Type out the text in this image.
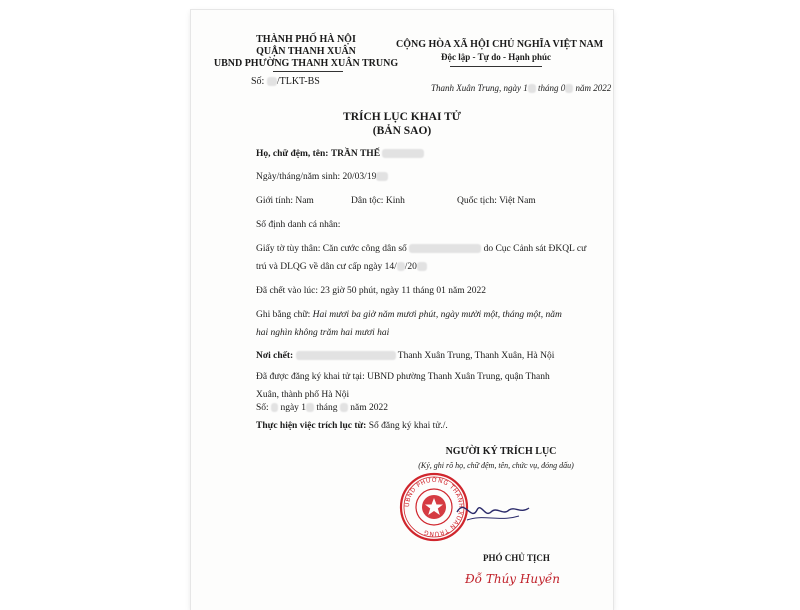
THÀNH PHỐ HÀ NỘI
QUẬN THANH XUÂN
UBND PHƯỜNG THANH XUÂN TRUNG
Số: /TLKT-BS
CỘNG HÒA XÃ HỘI CHỦ NGHĨA VIỆT NAM
Độc lập - Tự do - Hạnh phúc
Thanh Xuân Trung, ngày 1 tháng 0 năm 2022
TRÍCH LỤC KHAI TỬ
(BẢN SAO)
Họ, chữ đệm, tên: TRẦN THẾ
Ngày/tháng/năm sinh: 20/03/19
Giới tính: Nam	Dân tộc: Kinh	Quốc tịch: Việt Nam
Số định danh cá nhân:
Giấy tờ tùy thân: Căn cước công dân số	do Cục Cảnh sát ĐKQL cư
trú và DLQG về dân cư cấp ngày 14/ /20
Đã chết vào lúc: 23 giờ 50 phút, ngày 11 tháng 01 năm 2022
Ghi bằng chữ: Hai mươi ba giờ năm mươi phút, ngày mười một, tháng một, năm
hai nghìn không trăm hai mươi hai
Nơi chết:	Thanh Xuân Trung, Thanh Xuân, Hà Nội
Đã được đăng ký khai tử tại: UBND phường Thanh Xuân Trung, quận Thanh
Xuân, thành phố Hà Nội
Số: ngày 1 tháng năm 2022
Thực hiện việc trích lục từ: Sổ đăng ký khai tử./.
NGƯỜI KÝ TRÍCH LỤC
(Ký, ghi rõ họ, chữ đệm, tên, chức vụ, đóng dấu)
UBND PHƯỜNG THANH XUÂN TRUNG
PHÓ CHỦ TỊCH
Đỗ Thúy Huyền
